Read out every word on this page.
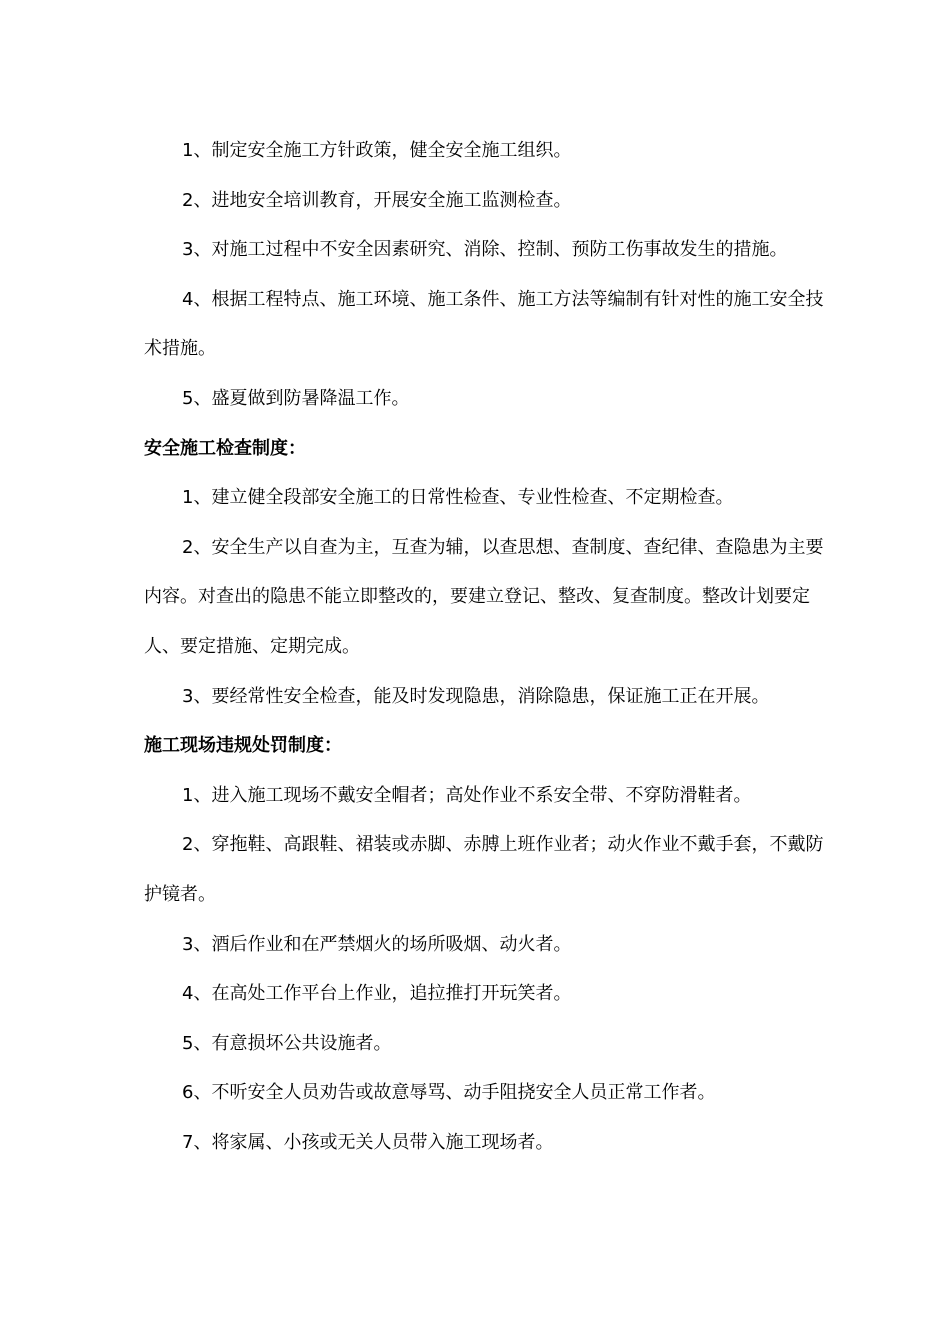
1、制定安全施工方针政策，健全安全施工组织。

2、进地安全培训教育，开展安全施工监测检查。

3、对施工过程中不安全因素研究、消除、控制、预防工伤事故发生的措施。

4、根据工程特点、施工环境、施工条件、施工方法等编制有针对性的施工安全技术措施。

5、盛夏做到防暑降温工作。

安全施工检查制度：

1、建立健全段部安全施工的日常性检查、专业性检查、不定期检查。

2、安全生产以自查为主，互查为辅，以查思想、查制度、查纪律、查隐患为主要内容。对查出的隐患不能立即整改的，要建立登记、整改、复查制度。整改计划要定人、要定措施、定期完成。

3、要经常性安全检查，能及时发现隐患，消除隐患，保证施工正在开展。

施工现场违规处罚制度：

1、进入施工现场不戴安全帽者；高处作业不系安全带、不穿防滑鞋者。

2、穿拖鞋、高跟鞋、裙装或赤脚、赤膊上班作业者；动火作业不戴手套，不戴防护镜者。

3、酒后作业和在严禁烟火的场所吸烟、动火者。

4、在高处工作平台上作业，追拉推打开玩笑者。

5、有意损坏公共设施者。

6、不听安全人员劝告或故意辱骂、动手阻挠安全人员正常工作者。

7、将家属、小孩或无关人员带入施工现场者。
